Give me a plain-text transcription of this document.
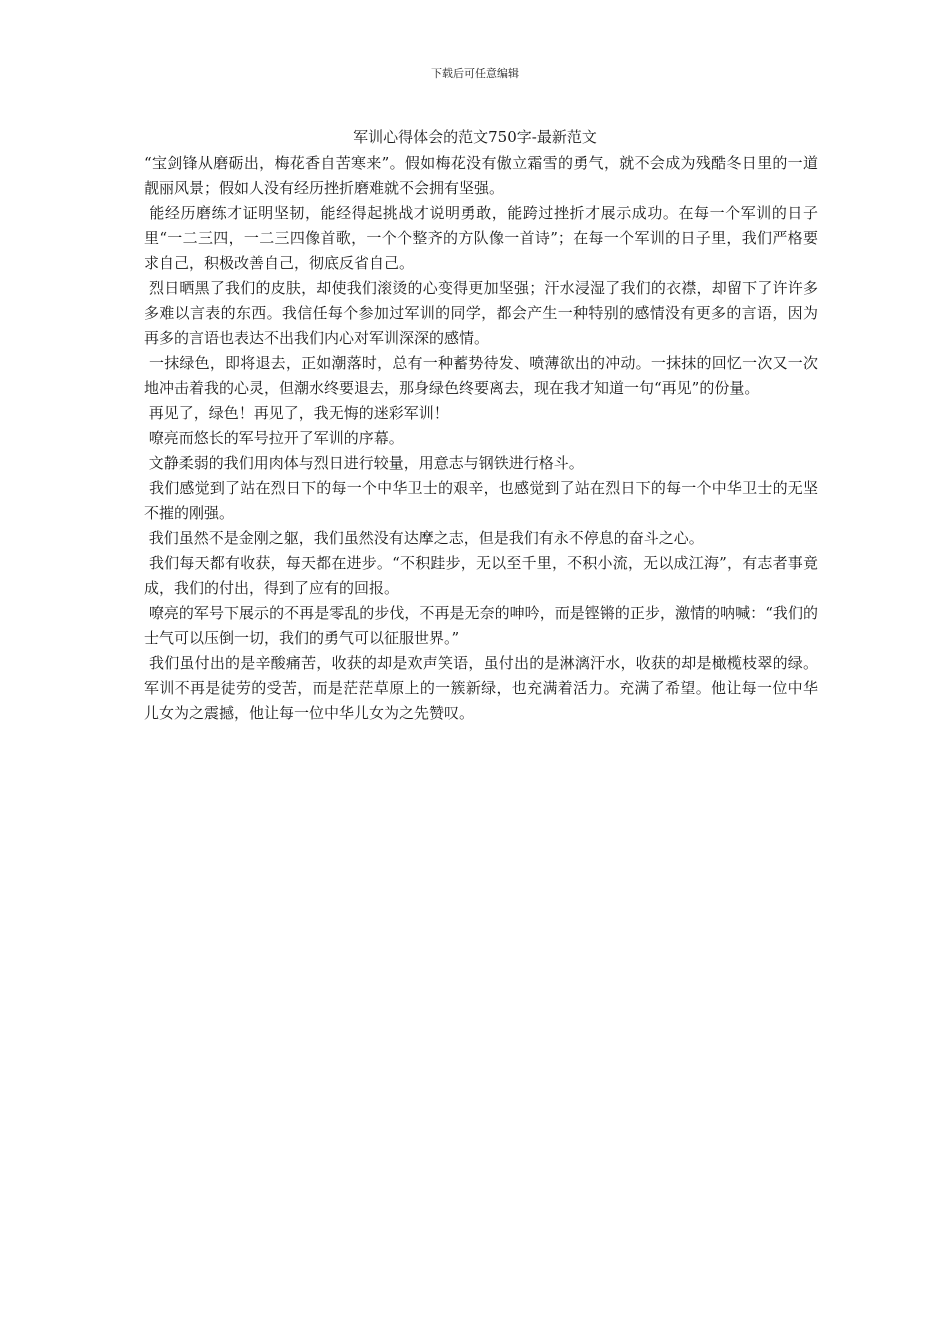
下载后可任意编辑
军训心得体会的范文750字-最新范文

“宝剑锋从磨砺出，梅花香自苦寒来”。假如梅花没有傲立霜雪的勇气，就不会成为残酷冬日里的一道靓丽风景；假如人没有经历挫折磨难就不会拥有坚强。

能经历磨练才证明坚韧，能经得起挑战才说明勇敢，能跨过挫折才展示成功。在每一个军训的日子里“一二三四，一二三四像首歌，一个个整齐的方队像一首诗”；在每一个军训的日子里，我们严格要求自己，积极改善自己，彻底反省自己。

烈日晒黑了我们的皮肤，却使我们滚烫的心变得更加坚强；汗水浸湿了我们的衣襟，却留下了许许多多难以言表的东西。我信任每个参加过军训的同学，都会产生一种特别的感情没有更多的言语，因为再多的言语也表达不出我们内心对军训深深的感情。

一抹绿色，即将退去，正如潮落时，总有一种蓄势待发、喷薄欲出的冲动。一抹抹的回忆一次又一次地冲击着我的心灵，但潮水终要退去，那身绿色终要离去，现在我才知道一句“再见”的份量。

再见了，绿色！再见了，我无悔的迷彩军训！

嘹亮而悠长的军号拉开了军训的序幕。

文静柔弱的我们用肉体与烈日进行较量，用意志与钢铁进行格斗。

我们感觉到了站在烈日下的每一个中华卫士的艰辛，也感觉到了站在烈日下的每一个中华卫士的无坚不摧的刚强。

我们虽然不是金刚之躯，我们虽然没有达摩之志，但是我们有永不停息的奋斗之心。

我们每天都有收获，每天都在进步。“不积跬步，无以至千里，不积小流，无以成江海”，有志者事竟成，我们的付出，得到了应有的回报。

嘹亮的军号下展示的不再是零乱的步伐，不再是无奈的呻吟，而是铿锵的正步，激情的呐喊：“我们的士气可以压倒一切，我们的勇气可以征服世界。”

我们虽付出的是辛酸痛苦，收获的却是欢声笑语，虽付出的是淋漓汗水，收获的却是橄榄枝翠的绿。军训不再是徒劳的受苦，而是茫茫草原上的一簇新绿，也充满着活力。充满了希望。他让每一位中华儿女为之震撼，他让每一位中华儿女为之先赞叹。
